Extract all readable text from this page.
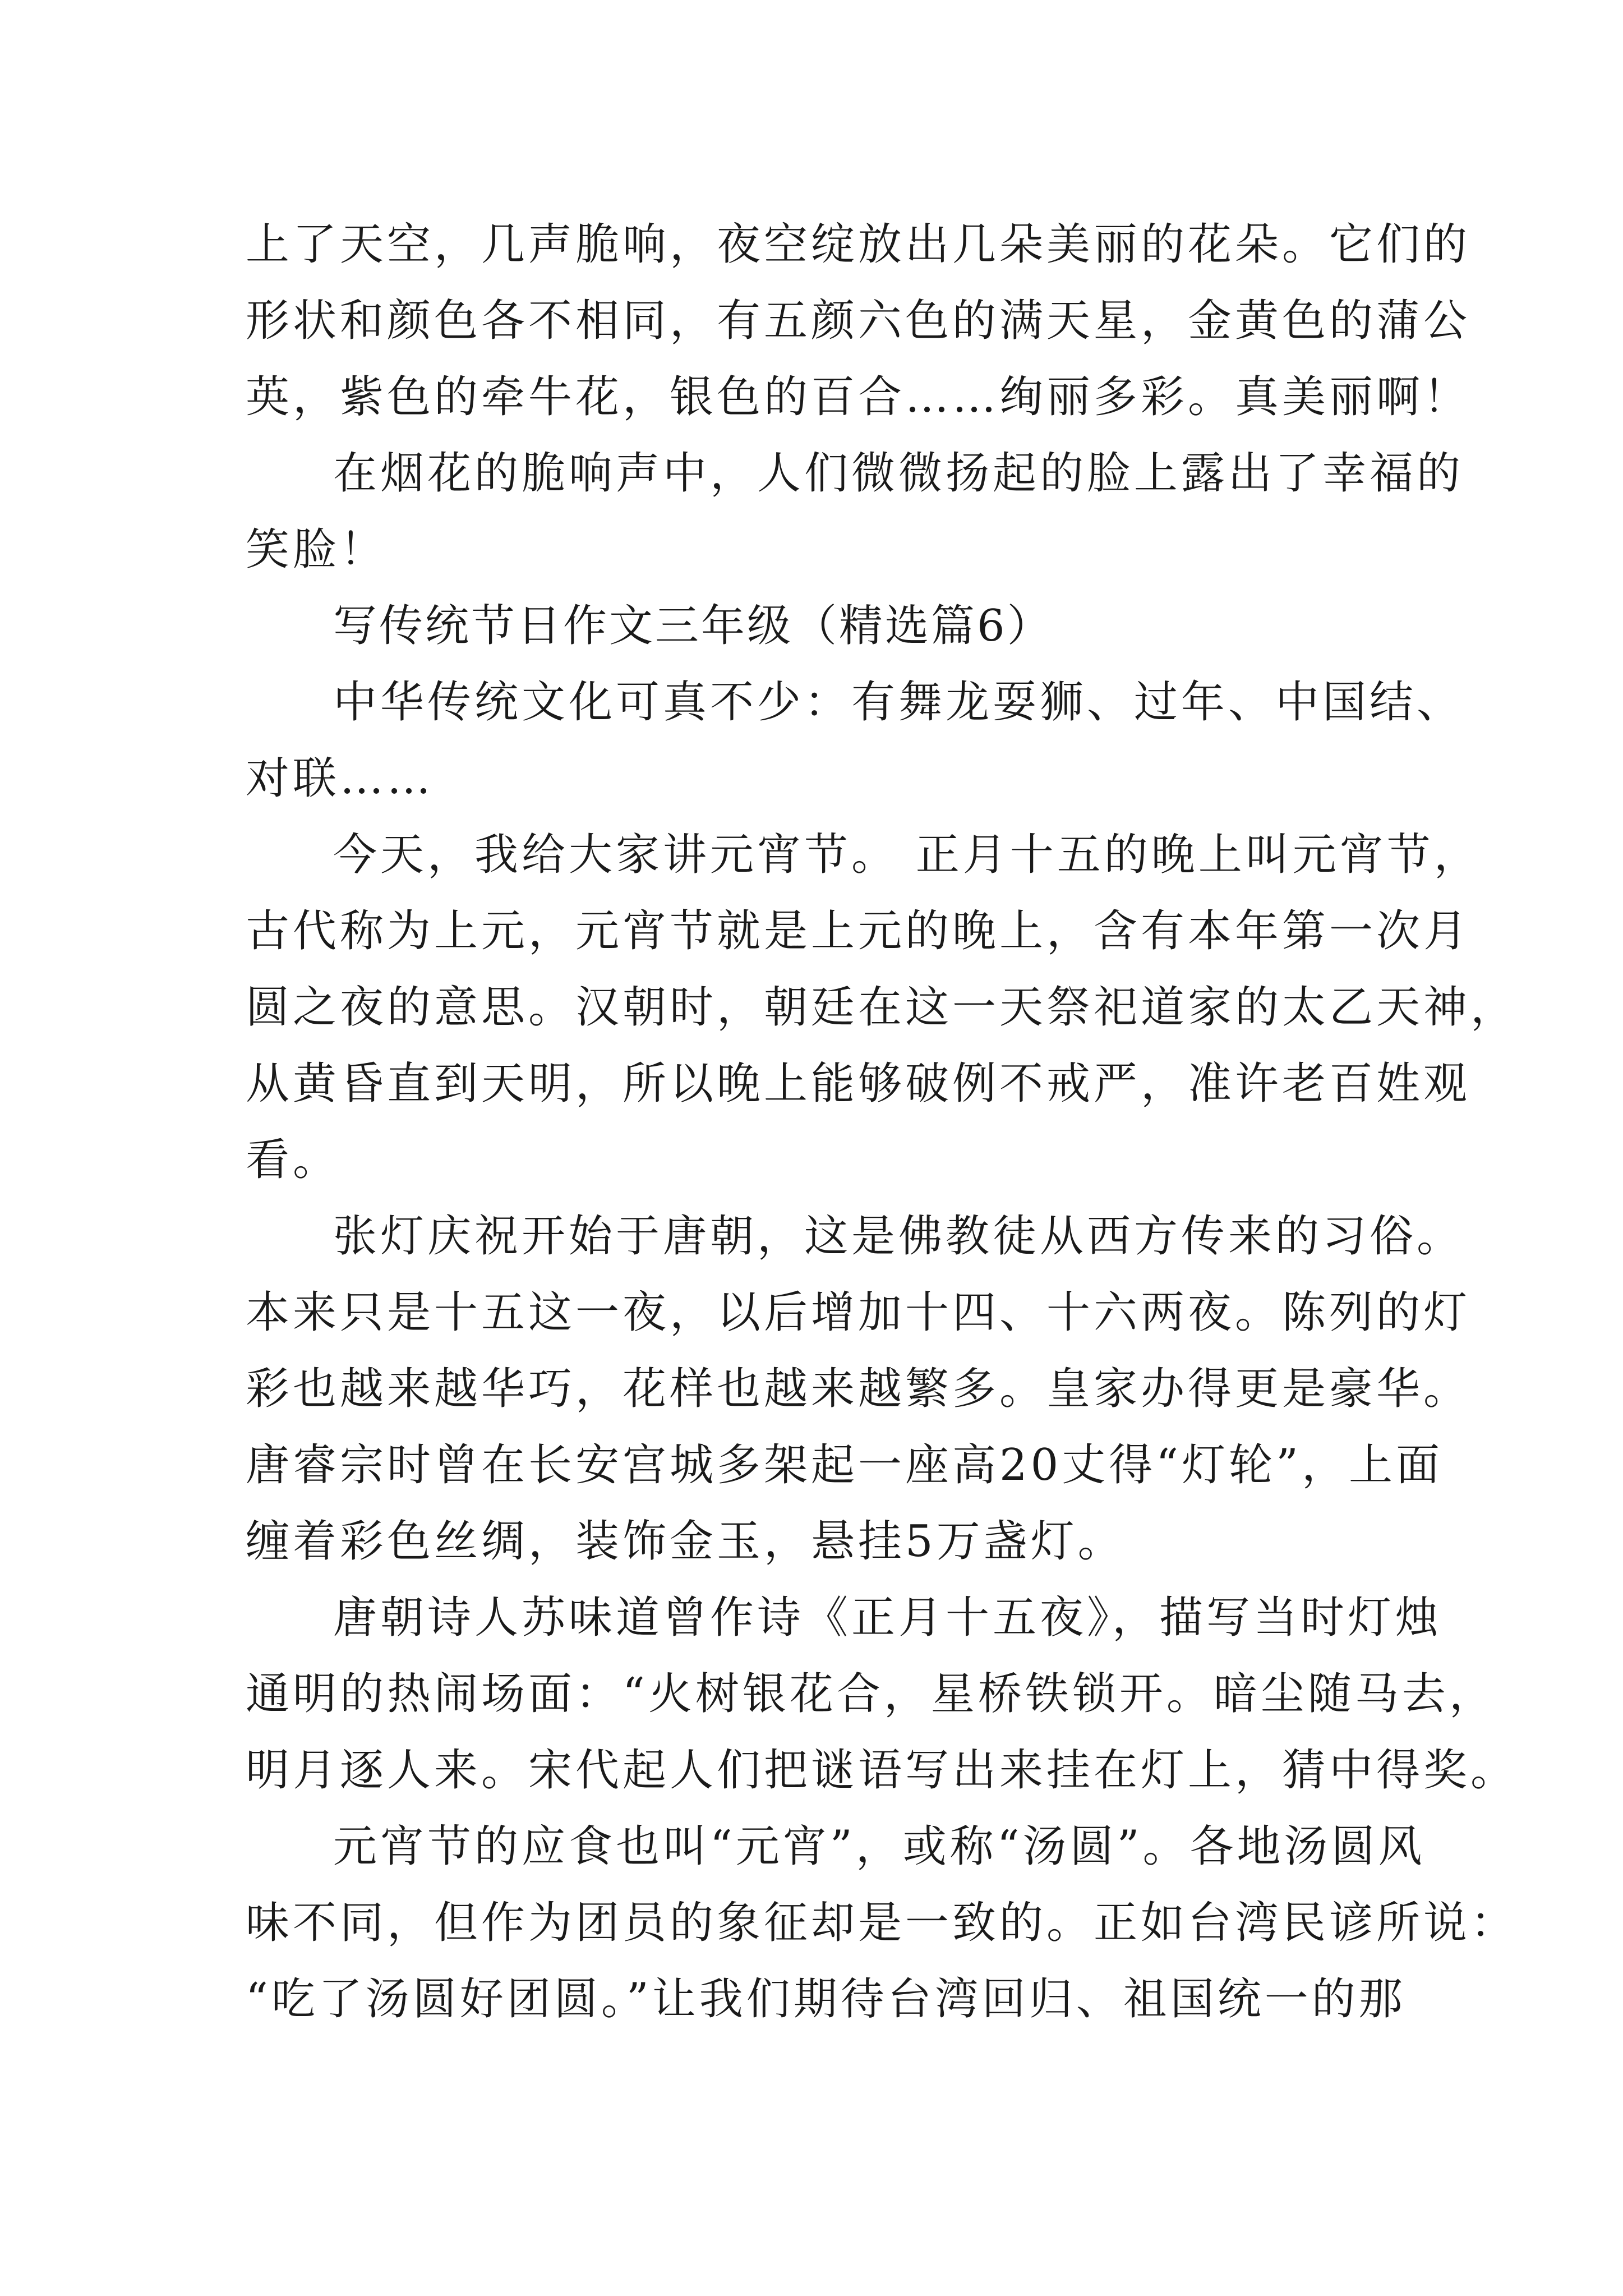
上了天空，几声脆响，夜空绽放出几朵美丽的花朵。它们的
形状和颜色各不相同，有五颜六色的满天星，金黄色的蒲公
英，紫色的牵牛花，银色的百合……绚丽多彩。真美丽啊！
在烟花的脆响声中，人们微微扬起的脸上露出了幸福的
笑脸！
写传统节日作文三年级（精选篇6）
中华传统文化可真不少：有舞龙耍狮、过年、中国结、
对联……
今天，我给大家讲元宵节。 正月十五的晚上叫元宵节，
古代称为上元，元宵节就是上元的晚上，含有本年第一次月
圆之夜的意思。汉朝时，朝廷在这一天祭祀道家的太乙天神，
从黄昏直到天明，所以晚上能够破例不戒严，准许老百姓观
看。
张灯庆祝开始于唐朝，这是佛教徒从西方传来的习俗。
本来只是十五这一夜，以后增加十四、十六两夜。陈列的灯
彩也越来越华巧，花样也越来越繁多。皇家办得更是豪华。
唐睿宗时曾在长安宫城多架起一座高20丈得“灯轮”，上面
缠着彩色丝绸，装饰金玉，悬挂5万盏灯。
唐朝诗人苏味道曾作诗《正月十五夜》，描写当时灯烛
通明的热闹场面：“火树银花合，星桥铁锁开。暗尘随马去，
明月逐人来。宋代起人们把谜语写出来挂在灯上，猜中得奖。
元宵节的应食也叫“元宵”，或称“汤圆”。各地汤圆风
味不同，但作为团员的象征却是一致的。正如台湾民谚所说：
“吃了汤圆好团圆。”让我们期待台湾回归、祖国统一的那
